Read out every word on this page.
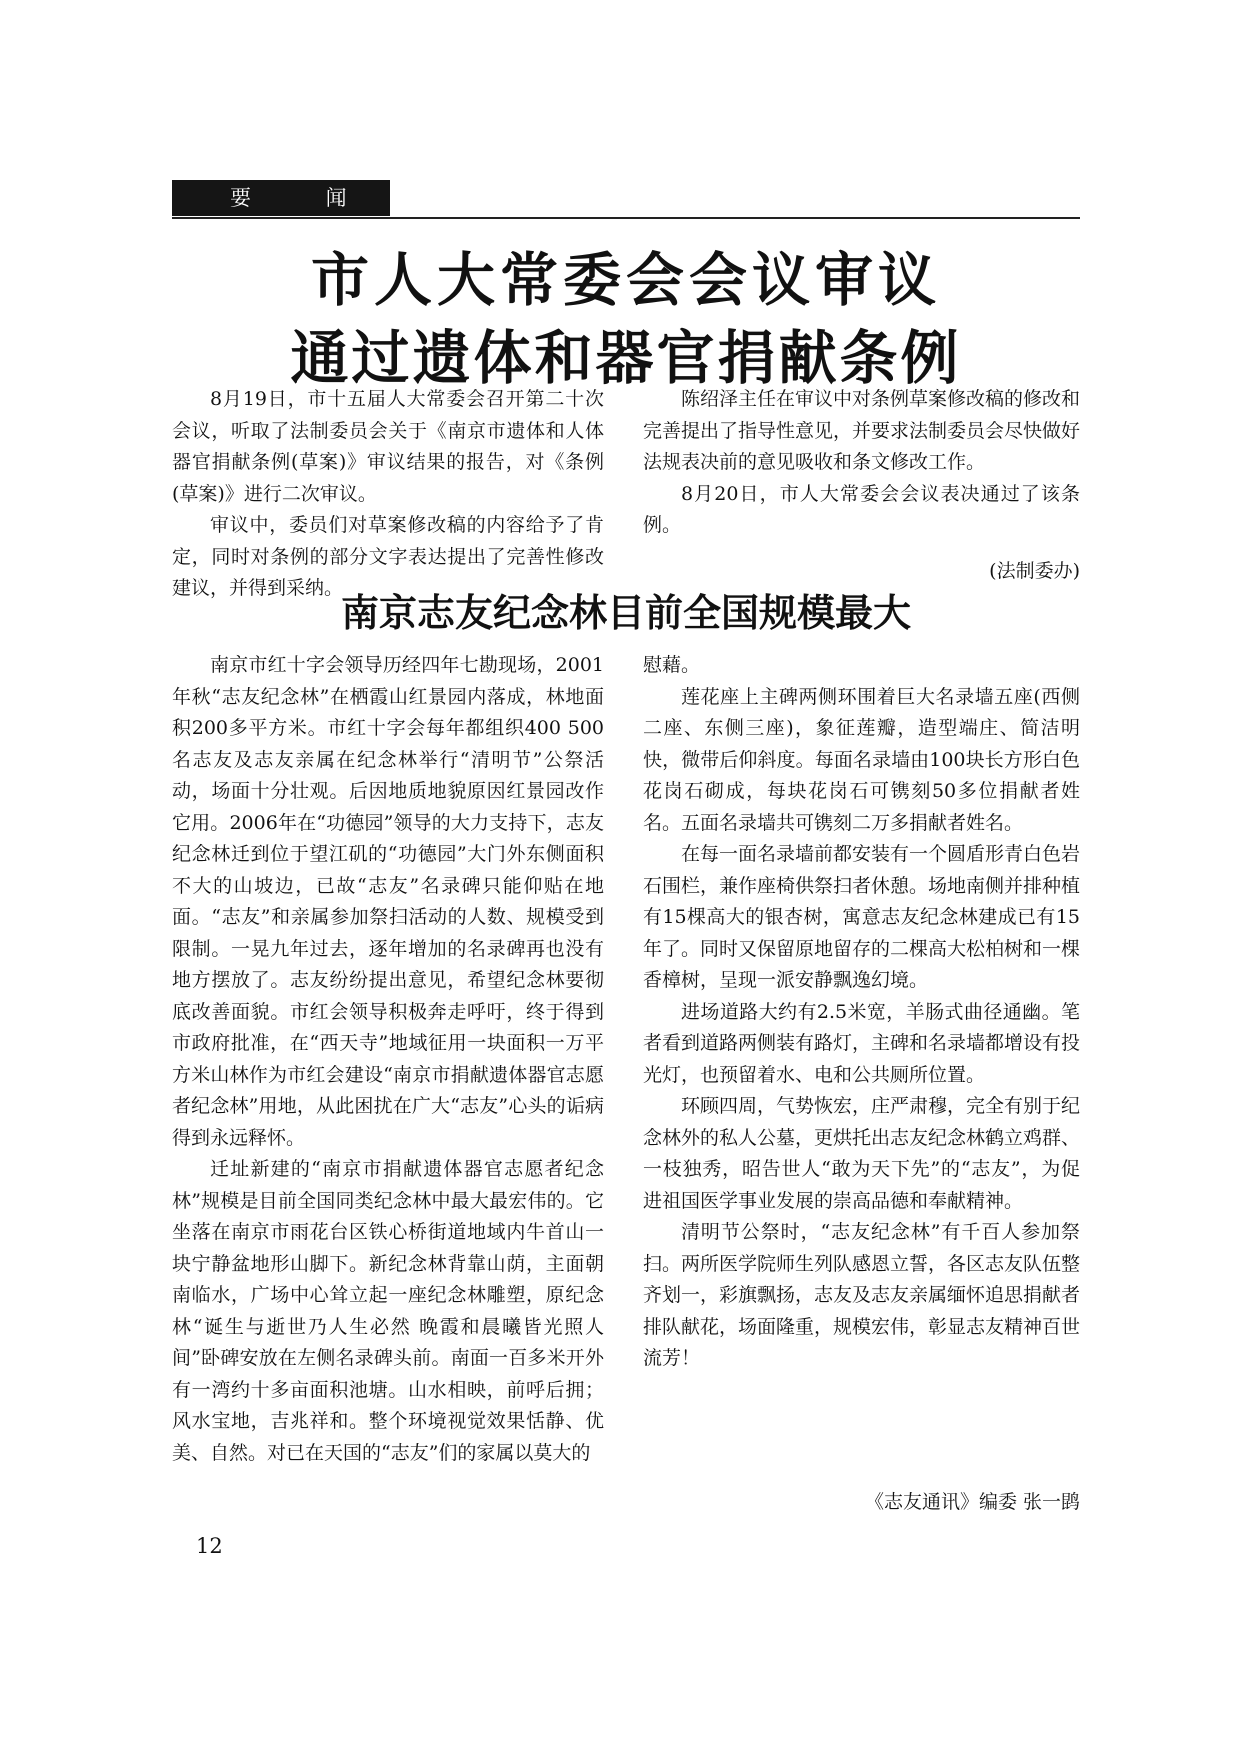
要 闻
市人大常委会会议审议
通过遗体和器官捐献条例

8月19日，市十五届人大常委会召开第二十次会议，听取了法制委员会关于《南京市遗体和人体器官捐献条例(草案)》审议结果的报告，对《条例(草案)》进行二次审议。

审议中，委员们对草案修改稿的内容给予了肯定，同时对条例的部分文字表达提出了完善性修改建议，并得到采纳。

陈绍泽主任在审议中对条例草案修改稿的修改和完善提出了指导性意见，并要求法制委员会尽快做好法规表决前的意见吸收和条文修改工作。

8月20日，市人大常委会会议表决通过了该条例。

(法制委办)
南京志友纪念林目前全国规模最大

南京市红十字会领导历经四年七勘现场，2001年秋“志友纪念林”在栖霞山红景园内落成，林地面积200多平方米。市红十字会每年都组织400 500名志友及志友亲属在纪念林举行“清明节”公祭活动，场面十分壮观。后因地质地貌原因红景园改作它用。2006年在“功德园”领导的大力支持下，志友纪念林迁到位于望江矶的“功德园”大门外东侧面积不大的山坡边，已故“志友”名录碑只能仰贴在地面。“志友”和亲属参加祭扫活动的人数、规模受到限制。一晃九年过去，逐年增加的名录碑再也没有地方摆放了。志友纷纷提出意见，希望纪念林要彻底改善面貌。市红会领导积极奔走呼吁，终于得到市政府批准，在“西天寺”地域征用一块面积一万平方米山林作为市红会建设“南京市捐献遗体器官志愿者纪念林”用地，从此困扰在广大“志友”心头的诟病得到永远释怀。

迁址新建的“南京市捐献遗体器官志愿者纪念林”规模是目前全国同类纪念林中最大最宏伟的。它坐落在南京市雨花台区铁心桥街道地域内牛首山一块宁静盆地形山脚下。新纪念林背靠山荫，主面朝南临水，广场中心耸立起一座纪念林雕塑，原纪念林“诞生与逝世乃人生必然 晚霞和晨曦皆光照人间”卧碑安放在左侧名录碑头前。南面一百多米开外有一湾约十多亩面积池塘。山水相映，前呼后拥；风水宝地，吉兆祥和。整个环境视觉效果恬静、优美、自然。对已在天国的“志友”们的家属以莫大的

慰藉。

莲花座上主碑两侧环围着巨大名录墙五座(西侧二座、东侧三座)，象征莲瓣，造型端庄、简洁明快，微带后仰斜度。每面名录墙由100块长方形白色花岗石砌成，每块花岗石可镌刻50多位捐献者姓名。五面名录墙共可镌刻二万多捐献者姓名。

在每一面名录墙前都安装有一个圆盾形青白色岩石围栏，兼作座椅供祭扫者休憩。场地南侧并排种植有15棵高大的银杏树，寓意志友纪念林建成已有15年了。同时又保留原地留存的二棵高大松柏树和一棵香樟树，呈现一派安静飘逸幻境。

进场道路大约有2.5米宽，羊肠式曲径通幽。笔者看到道路两侧装有路灯，主碑和名录墙都增设有投光灯，也预留着水、电和公共厕所位置。

环顾四周，气势恢宏，庄严肃穆，完全有别于纪念林外的私人公墓，更烘托出志友纪念林鹤立鸡群、一枝独秀，昭告世人“敢为天下先”的“志友”，为促进祖国医学事业发展的崇高品德和奉献精神。

清明节公祭时，“志友纪念林”有千百人参加祭扫。两所医学院师生列队感恩立誓，各区志友队伍整齐划一，彩旗飘扬，志友及志友亲属缅怀追思捐献者排队献花，场面隆重，规模宏伟，彰显志友精神百世流芳！

《志友通讯》编委 张一鹍
12
